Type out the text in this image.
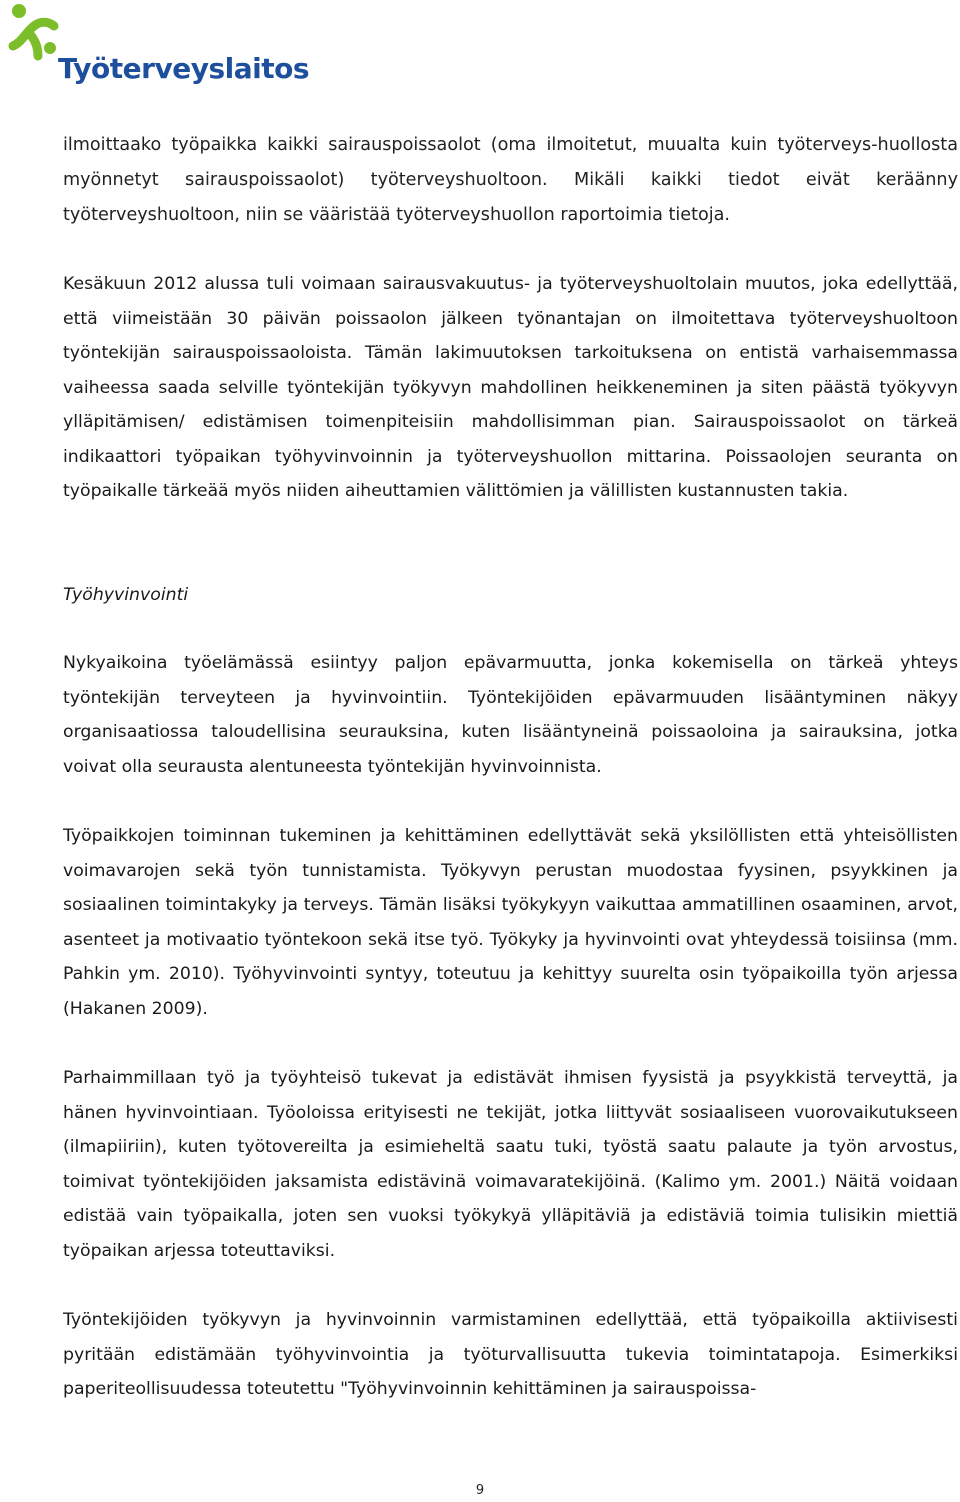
Työterveyslaitos

ilmoittaako työpaikka kaikki sairauspoissaolot (oma ilmoitetut, muualta kuin työterveys-huollosta myönnetyt sairauspoissaolot) työterveyshuoltoon. Mikäli kaikki tiedot eivät keräänny työterveyshuoltoon, niin se vääristää työterveyshuollon raportoimia tietoja.

Kesäkuun 2012 alussa tuli voimaan sairausvakuutus- ja työterveyshuoltolain muutos, joka edellyttää, että viimeistään 30 päivän poissaolon jälkeen työnantajan on ilmoitettava työterveyshuoltoon työntekijän sairauspoissaoloista. Tämän lakimuutoksen tarkoituksena on entistä varhaisemmassa vaiheessa saada selville työntekijän työkyvyn mahdollinen heikkeneminen ja siten päästä työkyvyn ylläpitämisen/ edistämisen toimenpiteisiin mahdollisimman pian. Sairauspoissaolot on tärkeä indikaattori työpaikan työhyvinvoinnin ja työterveyshuollon mittarina. Poissaolojen seuranta on työpaikalle tärkeää myös niiden aiheuttamien välittömien ja välillisten kustannusten takia.

Työhyvinvointi

Nykyaikoina työelämässä esiintyy paljon epävarmuutta, jonka kokemisella on tärkeä yhteys työntekijän terveyteen ja hyvinvointiin. Työntekijöiden epävarmuuden lisääntyminen näkyy organisaatiossa taloudellisina seurauksina, kuten lisääntyneinä poissaoloina ja sairauksina, jotka voivat olla seurausta alentuneesta työntekijän hyvinvoinnista.

Työpaikkojen toiminnan tukeminen ja kehittäminen edellyttävät sekä yksilöllisten että yhteisöllisten voimavarojen sekä työn tunnistamista. Työkyvyn perustan muodostaa fyysinen, psyykkinen ja sosiaalinen toimintakyky ja terveys. Tämän lisäksi työkykyyn vaikuttaa ammatillinen osaaminen, arvot, asenteet ja motivaatio työntekoon sekä itse työ. Työkyky ja hyvinvointi ovat yhteydessä toisiinsa (mm. Pahkin ym. 2010). Työhyvinvointi syntyy, toteutuu ja kehittyy suurelta osin työpaikoilla työn arjessa (Hakanen 2009).

Parhaimmillaan työ ja työyhteisö tukevat ja edistävät ihmisen fyysistä ja psyykkistä terveyttä, ja hänen hyvinvointiaan. Työoloissa erityisesti ne tekijät, jotka liittyvät sosiaaliseen vuorovaikutukseen (ilmapiiriin), kuten työtovereilta ja esimieheltä saatu tuki, työstä saatu palaute ja työn arvostus, toimivat työntekijöiden jaksamista edistävinä voimavaratekijöinä. (Kalimo ym. 2001.) Näitä voidaan edistää vain työpaikalla, joten sen vuoksi työkykyä ylläpitäviä ja edistäviä toimia tulisikin miettiä työpaikan arjessa toteuttaviksi.

Työntekijöiden työkyvyn ja hyvinvoinnin varmistaminen edellyttää, että työpaikoilla aktiivisesti pyritään edistämään työhyvinvointia ja työturvallisuutta tukevia toimintatapoja. Esimerkiksi paperiteollisuudessa toteutettu "Työhyvinvoinnin kehittäminen ja sairauspoissa-

9
